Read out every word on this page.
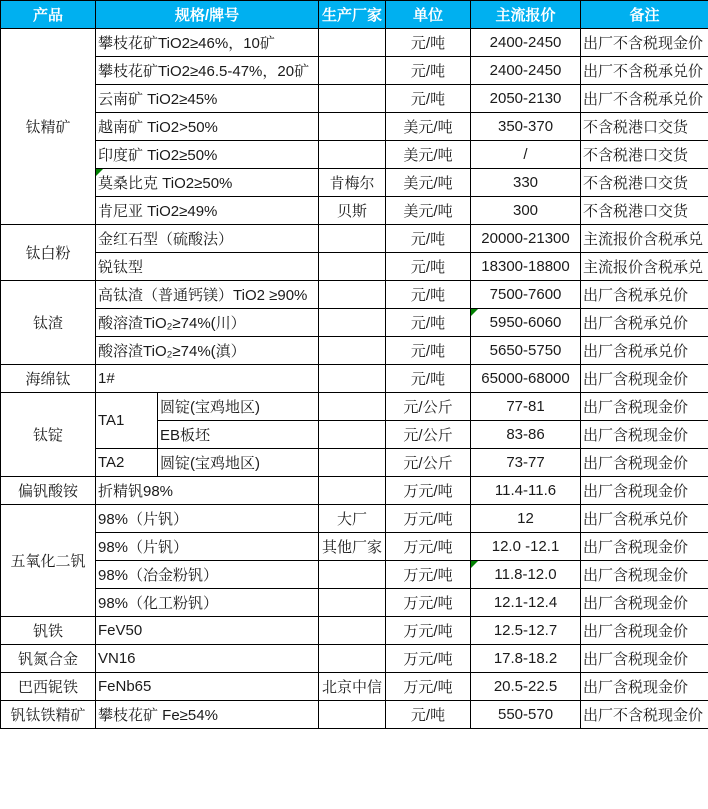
产品	规格/牌号		生产厂家	单位	主流报价	备注
钛精矿	攀枝花矿TiO2≥46%，10矿			元/吨	2400-2450	出厂不含税现金价
	攀枝花矿TiO2≥46.5-47%，20矿			元/吨	2400-2450	出厂不含税承兑价
	云南矿 TiO2≥45%			元/吨	2050-2130	出厂不含税承兑价
	越南矿 TiO2>50%			美元/吨	350-370	不含税港口交货
	印度矿 TiO2≥50%			美元/吨	/	不含税港口交货
	莫桑比克 TiO2≥50%		肯梅尔	美元/吨	330	不含税港口交货
	肯尼亚 TiO2≥49%		贝斯	美元/吨	300	不含税港口交货
钛白粉	金红石型（硫酸法）			元/吨	20000-21300	主流报价含税承兑
	锐钛型			元/吨	18300-18800	主流报价含税承兑
钛渣	高钛渣（普通钙镁）TiO2 ≥90%			元/吨	7500-7600	出厂含税承兑价
	酸溶渣TiO₂≥74%(川）			元/吨	5950-6060	出厂含税承兑价
	酸溶渣TiO₂≥74%(滇）			元/吨	5650-5750	出厂含税承兑价
海绵钛	1#			元/吨	65000-68000	出厂含税现金价
钛锭	TA1	圆锭(宝鸡地区)		元/公斤	77-81	出厂含税现金价
		EB板坯		元/公斤	83-86	出厂含税现金价
	TA2	圆锭(宝鸡地区)		元/公斤	73-77	出厂含税现金价
偏钒酸铵	折精钒98%			万元/吨	11.4-11.6	出厂含税现金价
五氧化二钒	98%（片钒）		大厂	万元/吨	12	出厂含税承兑价
	98%（片钒）		其他厂家	万元/吨	12.0 -12.1	出厂含税现金价
	98%（冶金粉钒）			万元/吨	11.8-12.0	出厂含税现金价
	98%（化工粉钒）			万元/吨	12.1-12.4	出厂含税现金价
钒铁	FeV50			万元/吨	12.5-12.7	出厂含税现金价
钒氮合金	VN16			万元/吨	17.8-18.2	出厂含税现金价
巴西铌铁	FeNb65		北京中信	万元/吨	20.5-22.5	出厂含税现金价
钒钛铁精矿	攀枝花矿 Fe≥54%			元/吨	550-570	出厂不含税现金价
